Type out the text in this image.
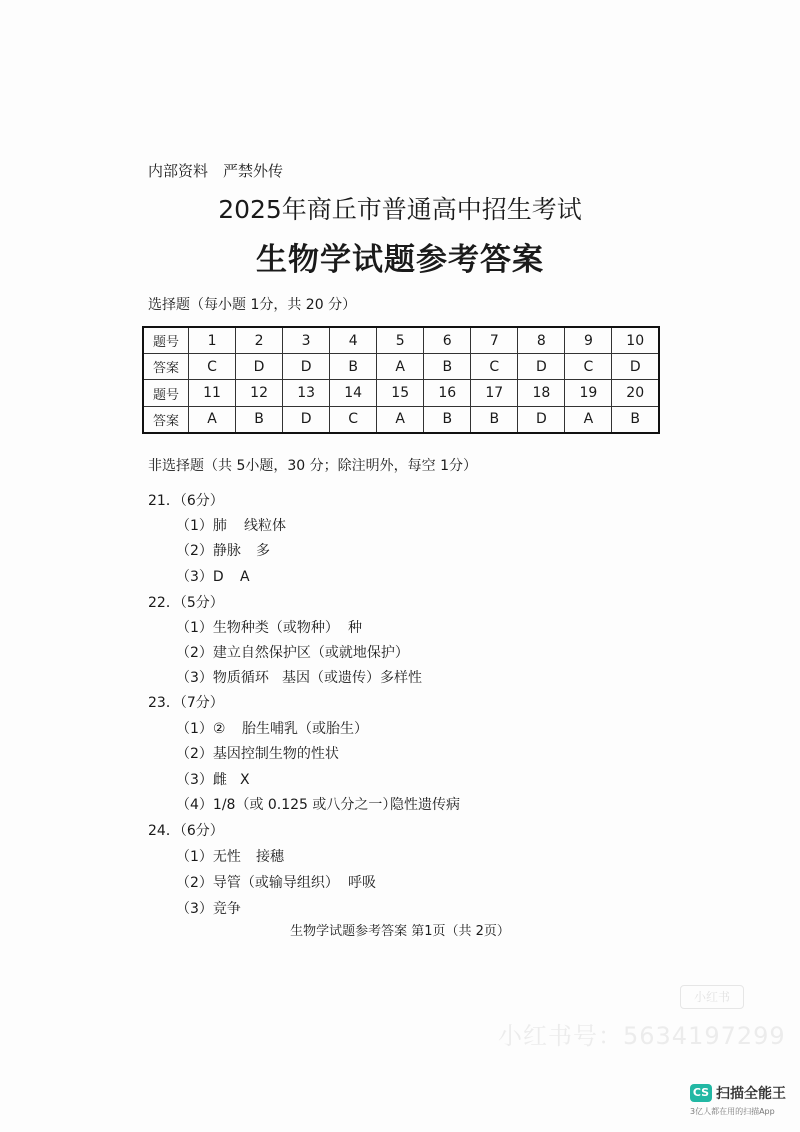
内部资料　严禁外传
2025年商丘市普通高中招生考试
生物学试题参考答案
选择题（每小题 1分，共 20 分）
题号	1	2	3	4	5	6	7	8	9	10
答案	C	D	D	B	A	B	C	D	C	D
题号	11	12	13	14	15	16	17	18	19	20
答案	A	B	D	C	A	B	B	D	A	B
非选择题（共 5小题，30 分；除注明外，每空 1分）
21．（6分）
（1）肺 线粒体
（2）静脉 多
（3）D A
22．（5分）
（1）生物种类（或物种） 种
（2）建立自然保护区（或就地保护）
（3）物质循环 基因（或遗传）多样性
23．（7分）
（1）② 胎生哺乳（或胎生）
（2）基因控制生物的性状
（3）雌 X
（4）1/8（或 0.125 或八分之一）隐性遗传病
24．（6分）
（1）无性 接穗
（2）导管（或输导组织） 呼吸
（3）竞争
生物学试题参考答案 第1页（共 2页）
小红书
小红书号：5634197299
CS 扫描全能王
3亿人都在用的扫描App
